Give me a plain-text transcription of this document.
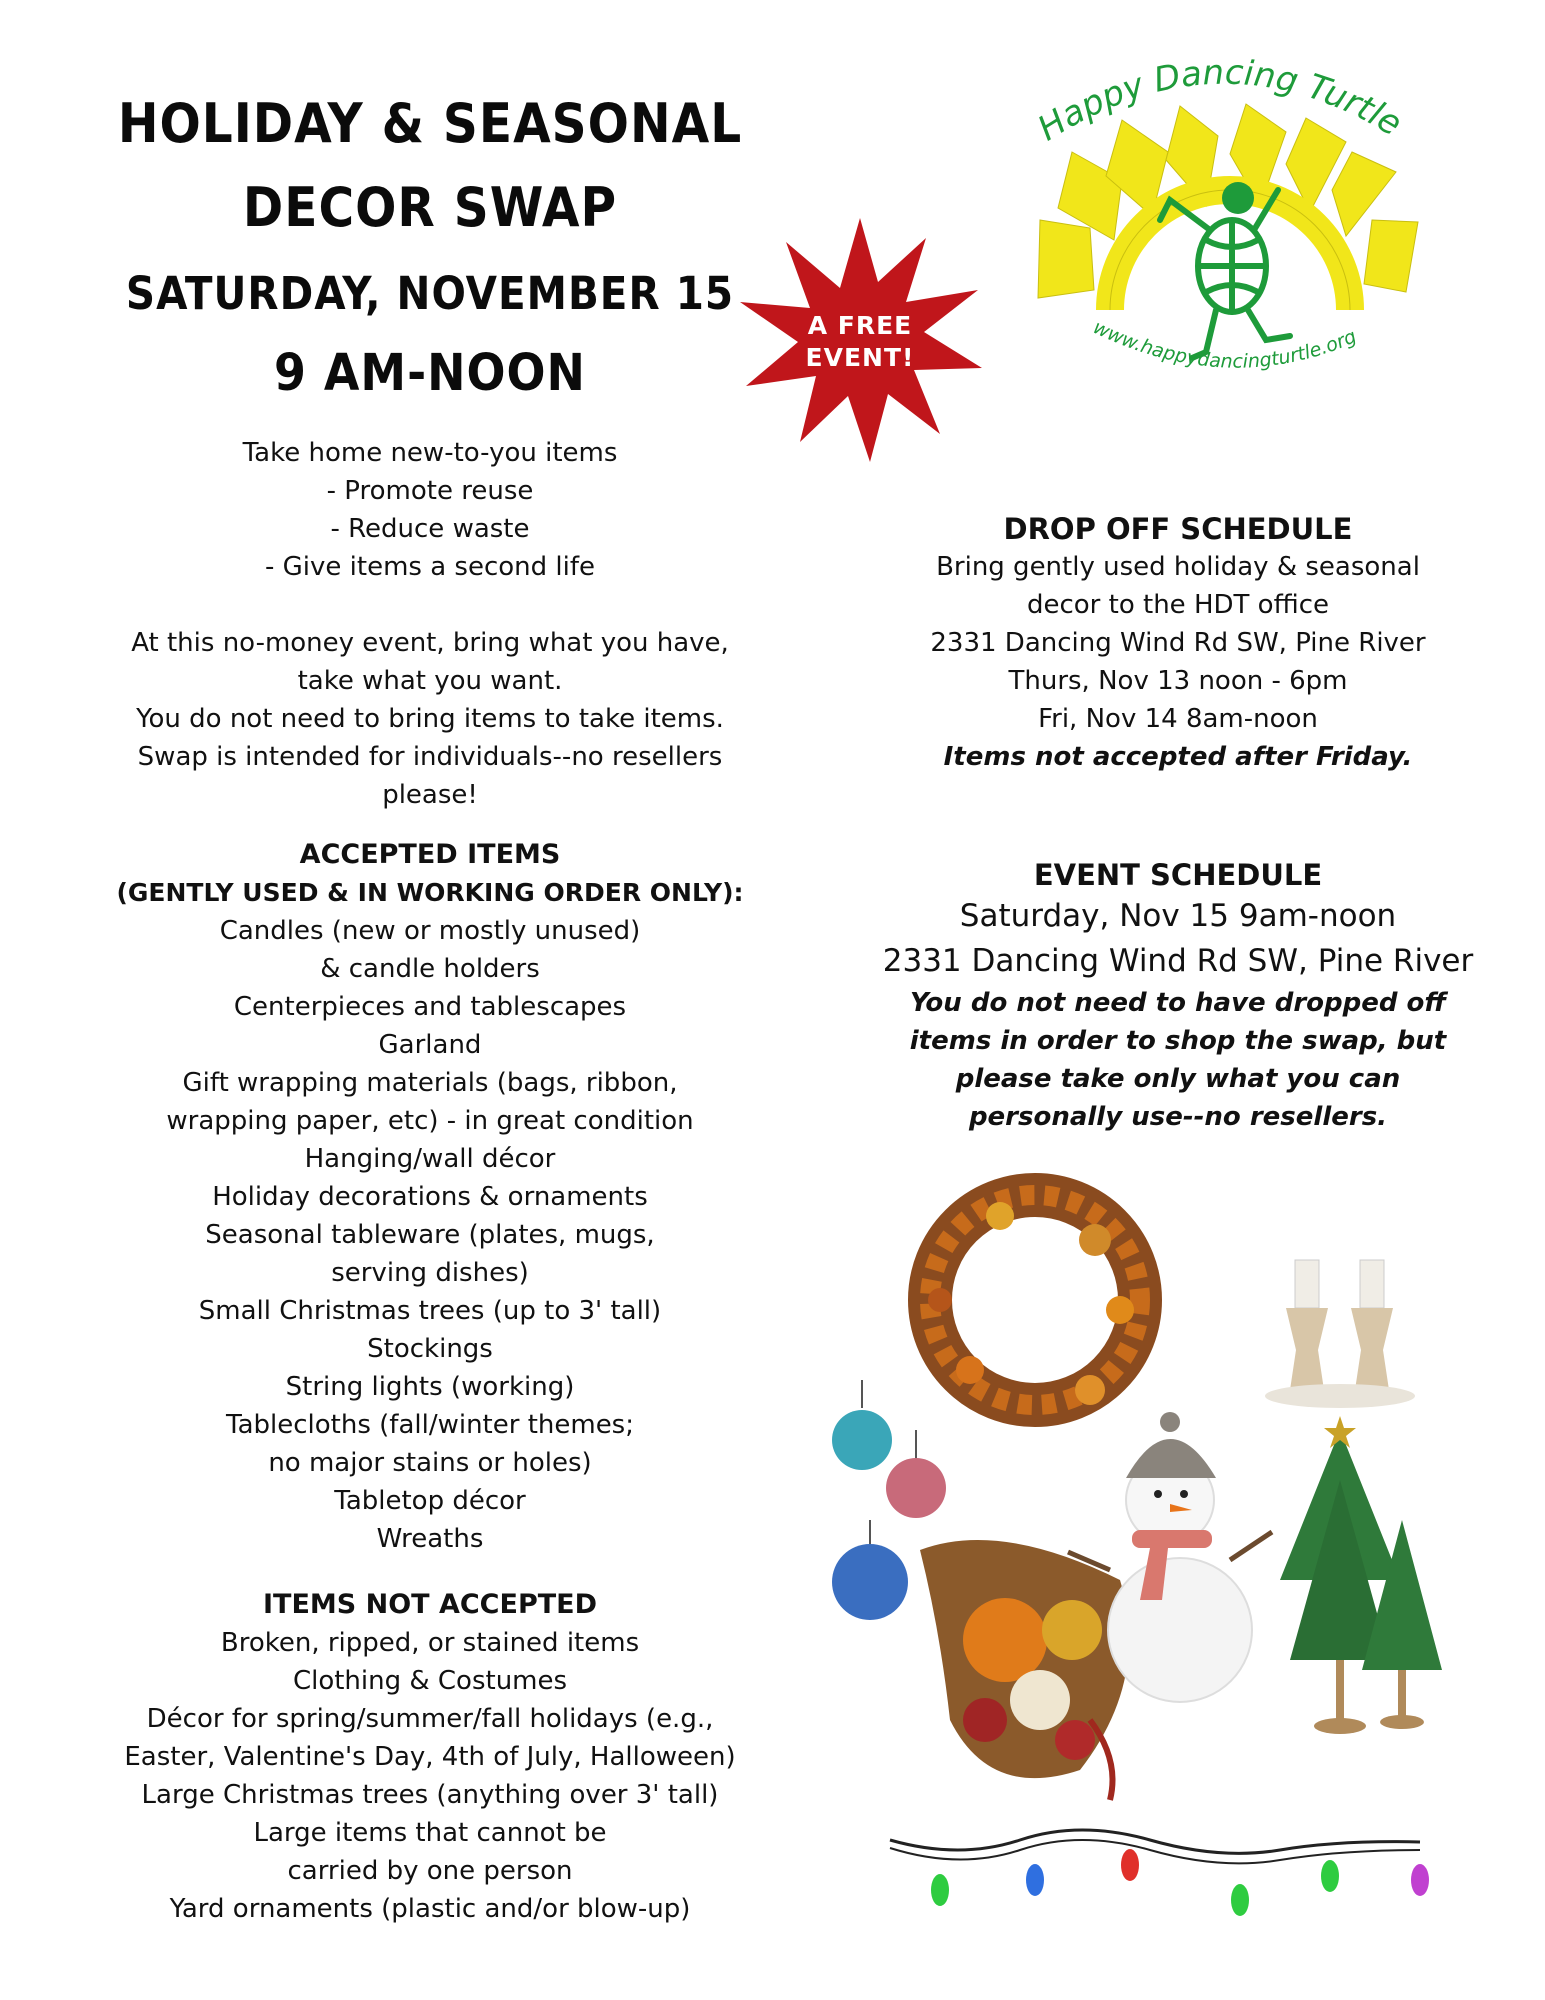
HOLIDAY & SEASONAL
DECOR SWAP
SATURDAY, NOVEMBER 15
9 AM-NOON
A FREE
EVENT!
Happy Dancing Turtle
www.happydancingturtle.org
Take home new-to-you items
- Promote reuse
- Reduce waste
- Give items a second life
At this no-money event, bring what you have,
take what you want.
You do not need to bring items to take items.
Swap is intended for individuals--no resellers
please!
ACCEPTED ITEMS
(GENTLY USED & IN WORKING ORDER ONLY):
Candles (new or mostly unused)
& candle holders
Centerpieces and tablescapes
Garland
Gift wrapping materials (bags, ribbon,
wrapping paper, etc) - in great condition
Hanging/wall décor
Holiday decorations & ornaments
Seasonal tableware (plates, mugs,
serving dishes)
Small Christmas trees (up to 3' tall)
Stockings
String lights (working)
Tablecloths (fall/winter themes;
no major stains or holes)
Tabletop décor
Wreaths
ITEMS NOT ACCEPTED
Broken, ripped, or stained items
Clothing & Costumes
Décor for spring/summer/fall holidays (e.g.,
Easter, Valentine's Day, 4th of July, Halloween)
Large Christmas trees (anything over 3' tall)
Large items that cannot be
carried by one person
Yard ornaments (plastic and/or blow-up)
DROP OFF SCHEDULE
Bring gently used holiday & seasonal
decor to the HDT office
2331 Dancing Wind Rd SW, Pine River
Thurs, Nov 13 noon - 6pm
Fri, Nov 14 8am-noon
Items not accepted after Friday.
EVENT SCHEDULE
Saturday, Nov 15 9am-noon
2331 Dancing Wind Rd SW, Pine River
You do not need to have dropped off
items in order to shop the swap, but
please take only what you can
personally use--no resellers.
